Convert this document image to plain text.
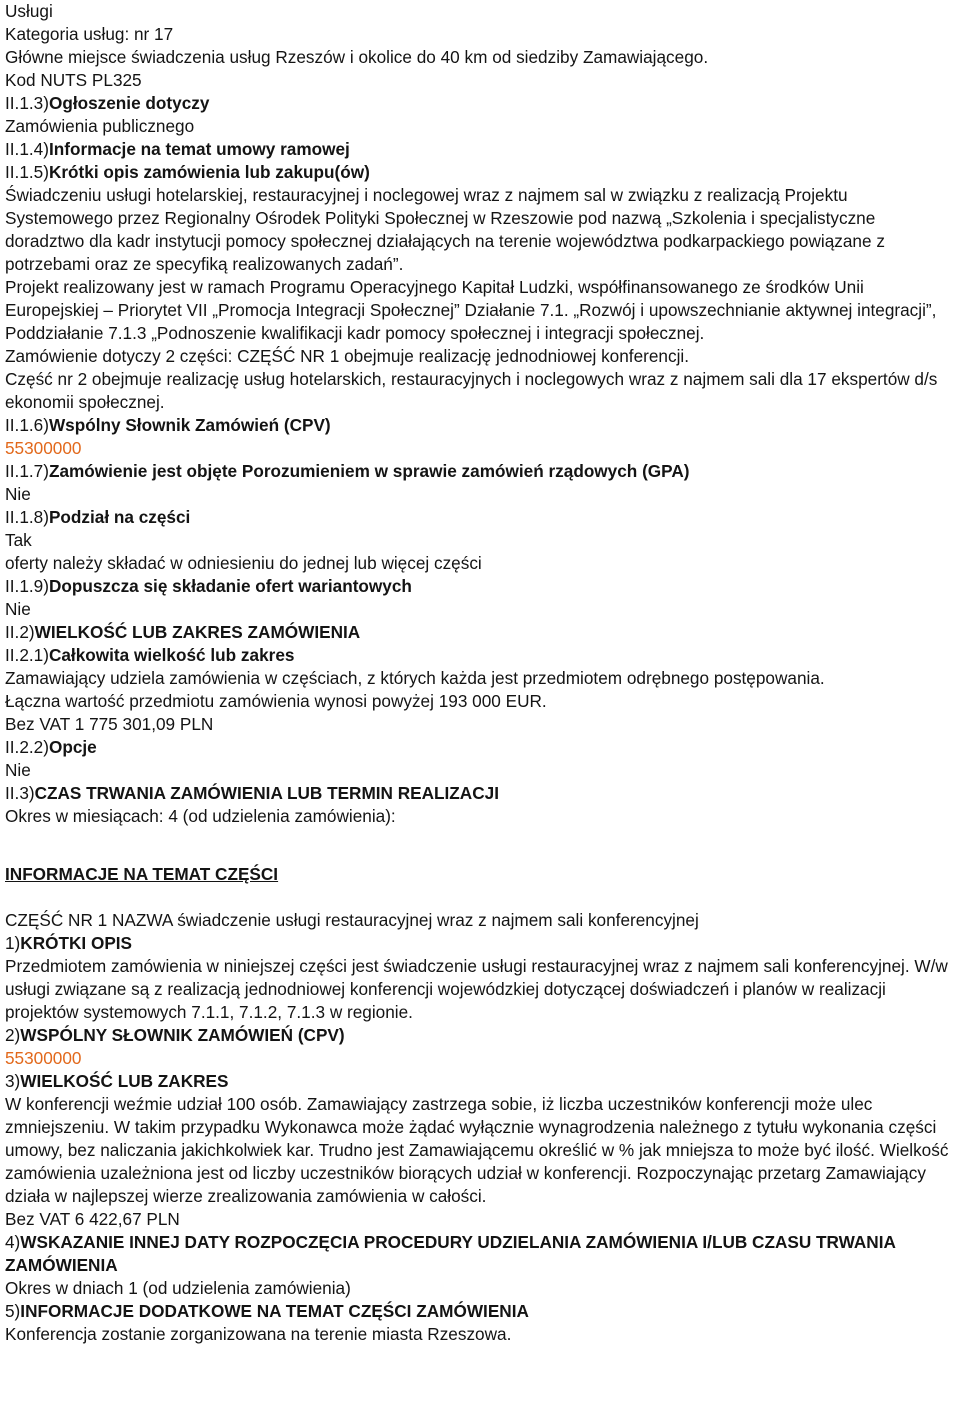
Usługi

Kategoria usług: nr 17

Główne miejsce świadczenia usług Rzeszów i okolice do 40 km od siedziby Zamawiającego.

Kod NUTS PL325

II.1.3)Ogłoszenie dotyczy

Zamówienia publicznego

II.1.4)Informacje na temat umowy ramowej

II.1.5)Krótki opis zamówienia lub zakupu(ów)

Świadczeniu usługi hotelarskiej, restauracyjnej i noclegowej wraz z najmem sal w związku z realizacją Projektu Systemowego przez Regionalny Ośrodek Polityki Społecznej w Rzeszowie pod nazwą „Szkolenia i specjalistyczne doradztwo dla kadr instytucji pomocy społecznej działających na terenie województwa podkarpackiego powiązane z potrzebami oraz ze specyfiką realizowanych zadań”.

Projekt realizowany jest w ramach Programu Operacyjnego Kapitał Ludzki, współfinansowanego ze środków Unii Europejskiej – Priorytet VII „Promocja Integracji Społecznej” Działanie 7.1. „Rozwój i upowszechnianie aktywnej integracji”, Poddziałanie 7.1.3 „Podnoszenie kwalifikacji kadr pomocy społecznej i integracji społecznej.

Zamówienie dotyczy 2 części: CZĘŚĆ NR 1 obejmuje realizację jednodniowej konferencji.

Część nr 2 obejmuje realizację usług hotelarskich, restauracyjnych i noclegowych wraz z najmem sali dla 17 ekspertów d/s ekonomii społecznej.

II.1.6)Wspólny Słownik Zamówień (CPV)

55300000

II.1.7)Zamówienie jest objęte Porozumieniem w sprawie zamówień rządowych (GPA)

Nie

II.1.8)Podział na części

Tak

oferty należy składać w odniesieniu do jednej lub więcej części

II.1.9)Dopuszcza się składanie ofert wariantowych

Nie

II.2)WIELKOŚĆ LUB ZAKRES ZAMÓWIENIA

II.2.1)Całkowita wielkość lub zakres

Zamawiający udziela zamówienia w częściach, z których każda jest przedmiotem odrębnego postępowania.

Łączna wartość przedmiotu zamówienia wynosi powyżej 193 000 EUR.

Bez VAT 1 775 301,09 PLN

II.2.2)Opcje

Nie

II.3)CZAS TRWANIA ZAMÓWIENIA LUB TERMIN REALIZACJI

Okres w miesiącach: 4 (od udzielenia zamówienia):

INFORMACJE NA TEMAT CZĘŚCI

CZĘŚĆ NR 1 NAZWA świadczenie usługi restauracyjnej wraz z najmem sali konferencyjnej

1)KRÓTKI OPIS

Przedmiotem zamówienia w niniejszej części jest świadczenie usługi restauracyjnej wraz z najmem sali konferencyjnej. W/w usługi związane są z realizacją jednodniowej konferencji wojewódzkiej dotyczącej doświadczeń i planów w realizacji projektów systemowych 7.1.1, 7.1.2, 7.1.3 w regionie.

2)WSPÓLNY SŁOWNIK ZAMÓWIEŃ (CPV)

55300000

3)WIELKOŚĆ LUB ZAKRES

W konferencji weźmie udział 100 osób. Zamawiający zastrzega sobie, iż liczba uczestników konferencji może ulec zmniejszeniu. W takim przypadku Wykonawca może żądać wyłącznie wynagrodzenia należnego z tytułu wykonania części umowy, bez naliczania jakichkolwiek kar. Trudno jest Zamawiającemu określić w % jak mniejsza to może być ilość. Wielkość zamówienia uzależniona jest od liczby uczestników biorących udział w konferencji. Rozpoczynając przetarg Zamawiający działa w najlepszej wierze zrealizowania zamówienia w całości.

Bez VAT 6 422,67 PLN

4)WSKAZANIE INNEJ DATY ROZPOCZĘCIA PROCEDURY UDZIELANIA ZAMÓWIENIA I/LUB CZASU TRWANIA ZAMÓWIENIA

Okres w dniach 1 (od udzielenia zamówienia)

5)INFORMACJE DODATKOWE NA TEMAT CZĘŚCI ZAMÓWIENIA

Konferencja zostanie zorganizowana na terenie miasta Rzeszowa.
